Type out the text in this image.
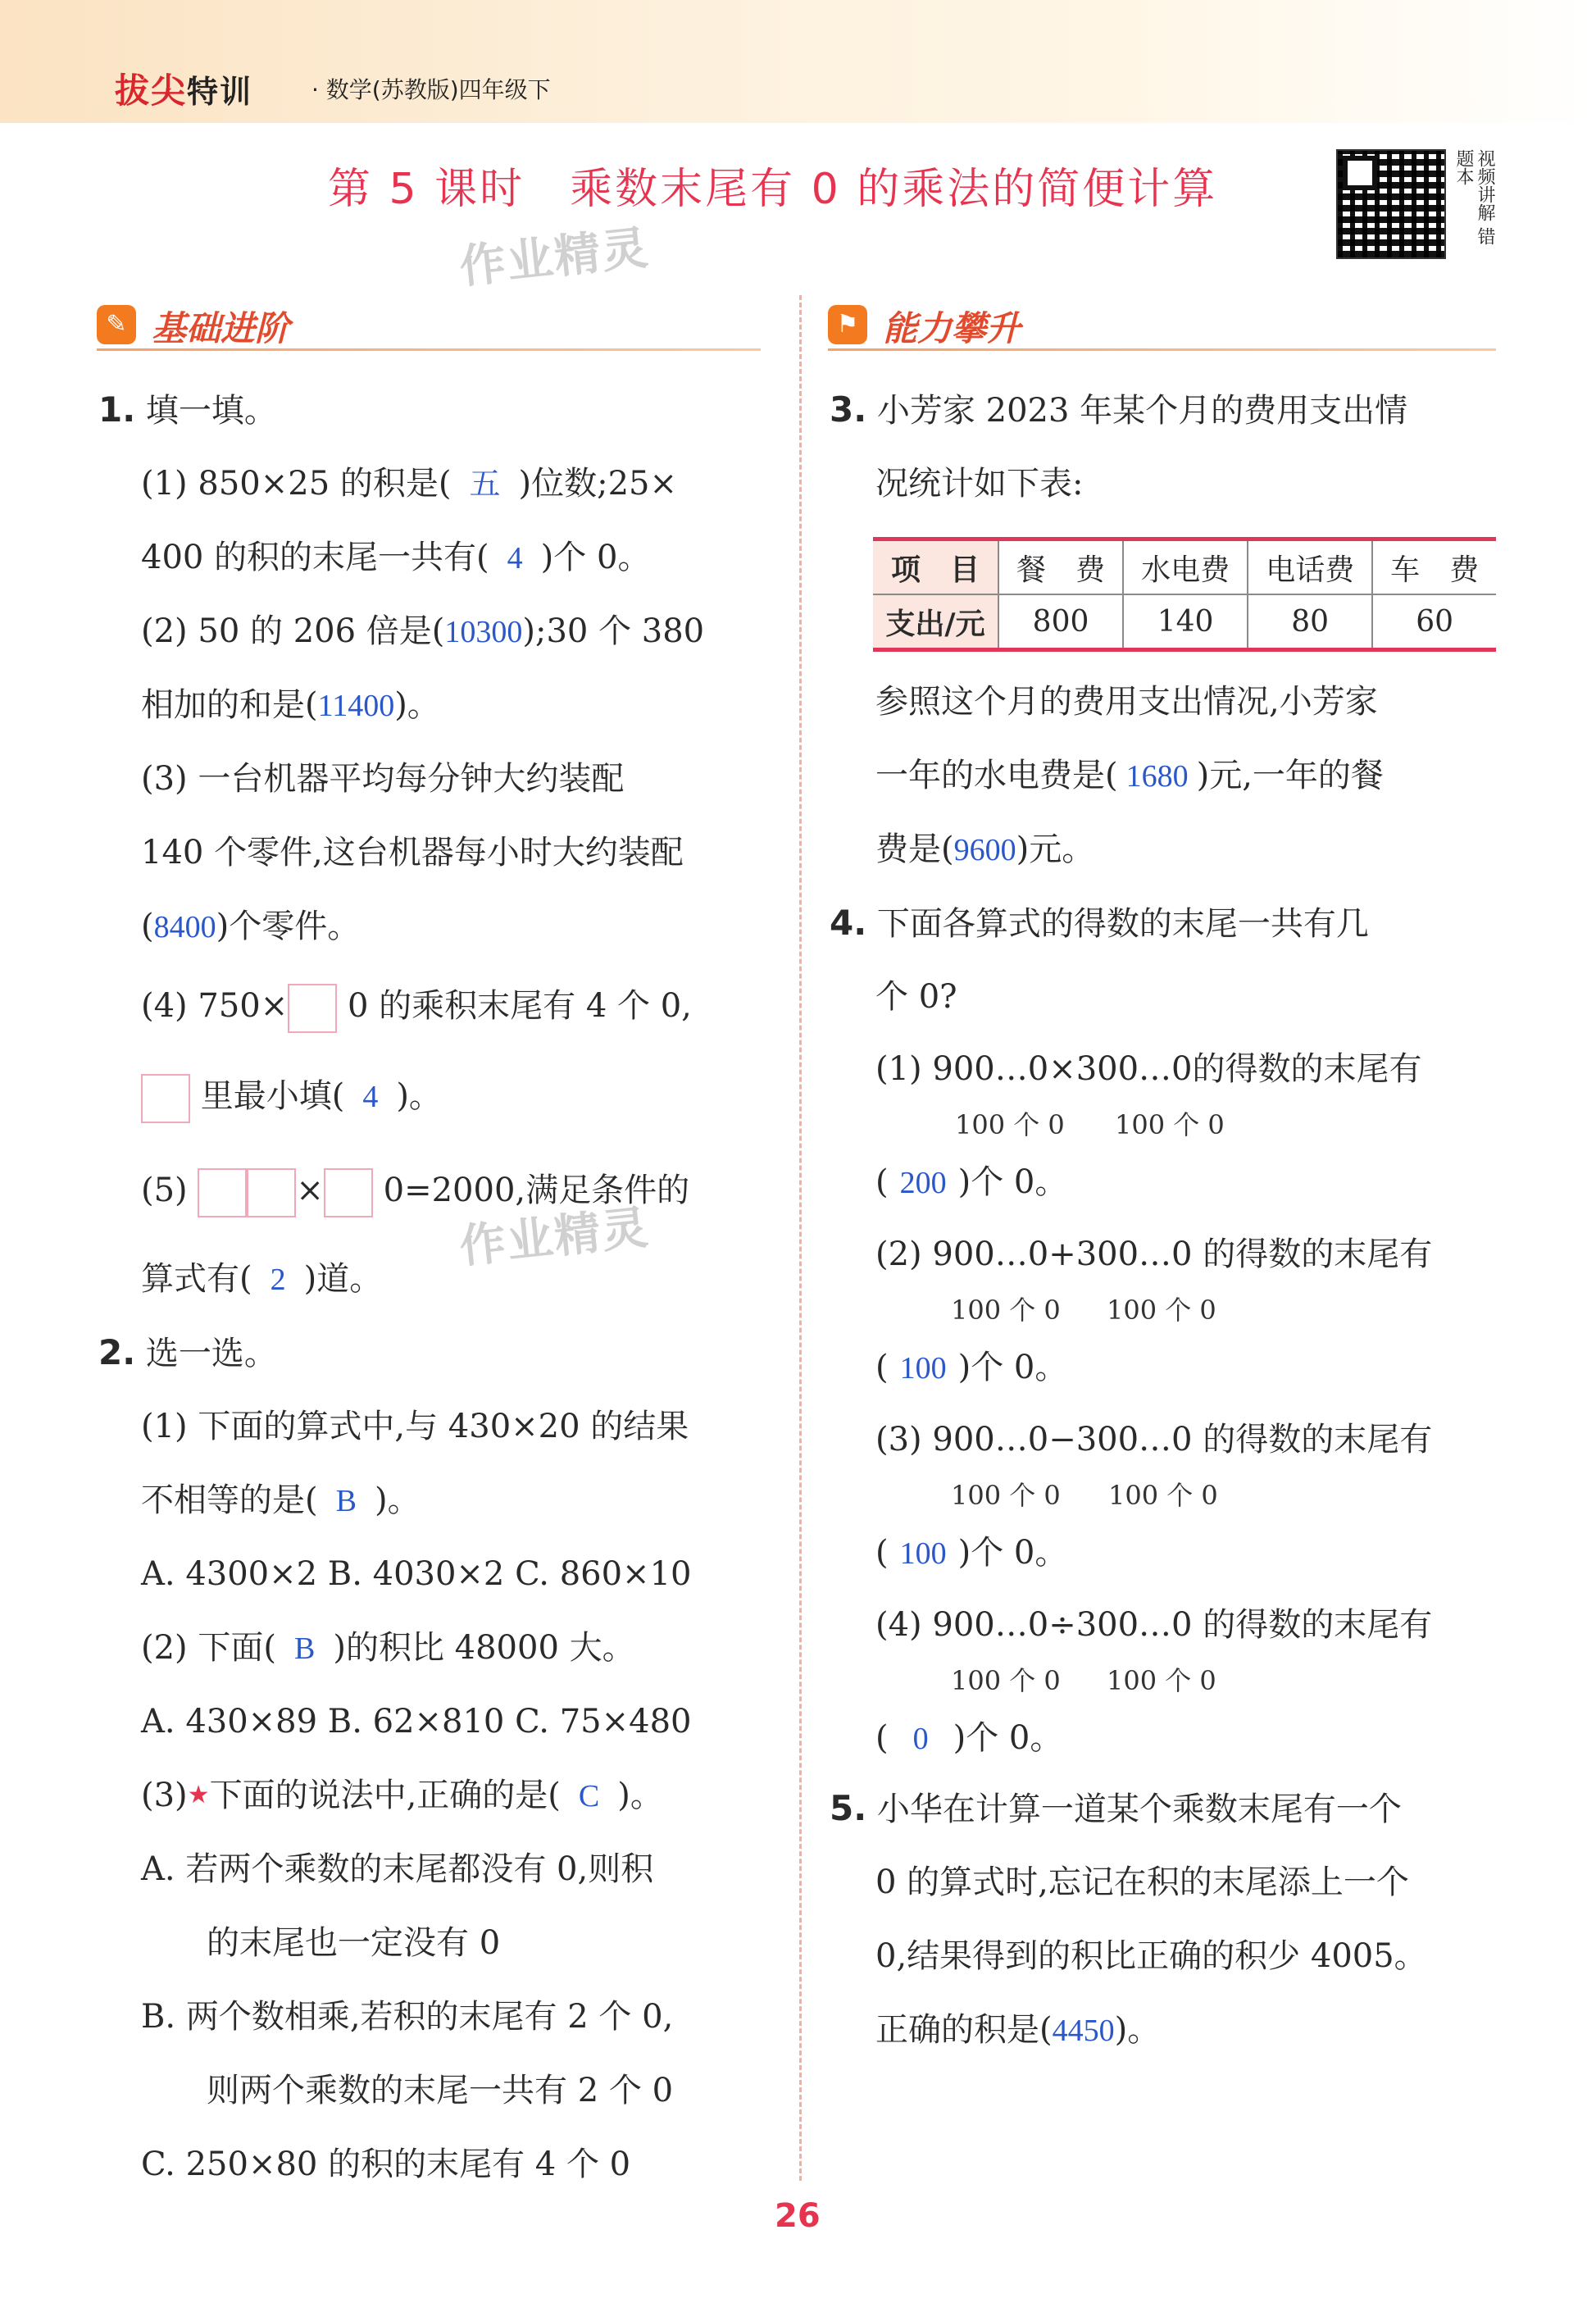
拔尖特训	· 数学(苏教版)四年级下
第 5 课时　乘数末尾有 0 的乘法的简便计算	视频讲解 错题本
作业精灵
作业精灵
✎ 基础进阶	⚑ 能力攀升
1. 填一填。
(1) 850×25 的积是( 五 )位数;25×
400 的积的末尾一共有( 4 )个 0。
(2) 50 的 206 倍是(10300);30 个 380
相加的和是(11400)。
(3) 一台机器平均每分钟大约装配
140 个零件,这台机器每小时大约装配
(8400)个零件。
(4) 750× 0 的乘积末尾有 4 个 0,
里最小填( 4 )。
(5)	× 0=2000,满足条件的
算式有( 2 )道。
2. 选一选。
(1) 下面的算式中,与 430×20 的结果
不相等的是( B )。
A. 4300×2 B. 4030×2 C. 860×10
(2) 下面( B )的积比 48000 大。
A. 430×89 B. 62×810 C. 75×480
(3)★下面的说法中,正确的是( C )。
A. 若两个乘数的末尾都没有 0,则积
的末尾也一定没有 0
B. 两个数相乘,若积的末尾有 2 个 0,
则两个乘数的末尾一共有 2 个 0
C. 250×80 的积的末尾有 4 个 0
3. 小芳家 2023 年某个月的费用支出情
况统计如下表:
项　目	餐　费	水电费	电话费	车　费
支出/元	800	140	80	60
参照这个月的费用支出情况,小芳家
一年的水电费是( 1680 )元,一年的餐
费是(9600)元。
4. 下面各算式的得数的末尾一共有几
个 0?
(1) 900…0×300…0的得数的末尾有
100 个 0 100 个 0
( 200 )个 0。
(2) 900…0+300…0 的得数的末尾有
100 个 0 100 个 0
( 100 )个 0。
(3) 900…0−300…0 的得数的末尾有
100 个 0 100 个 0
( 100 )个 0。
(4) 900…0÷300…0 的得数的末尾有
100 个 0 100 个 0
( 0 )个 0。
5. 小华在计算一道某个乘数末尾有一个
0 的算式时,忘记在积的末尾添上一个
0,结果得到的积比正确的积少 4005。
正确的积是(4450)。
26
